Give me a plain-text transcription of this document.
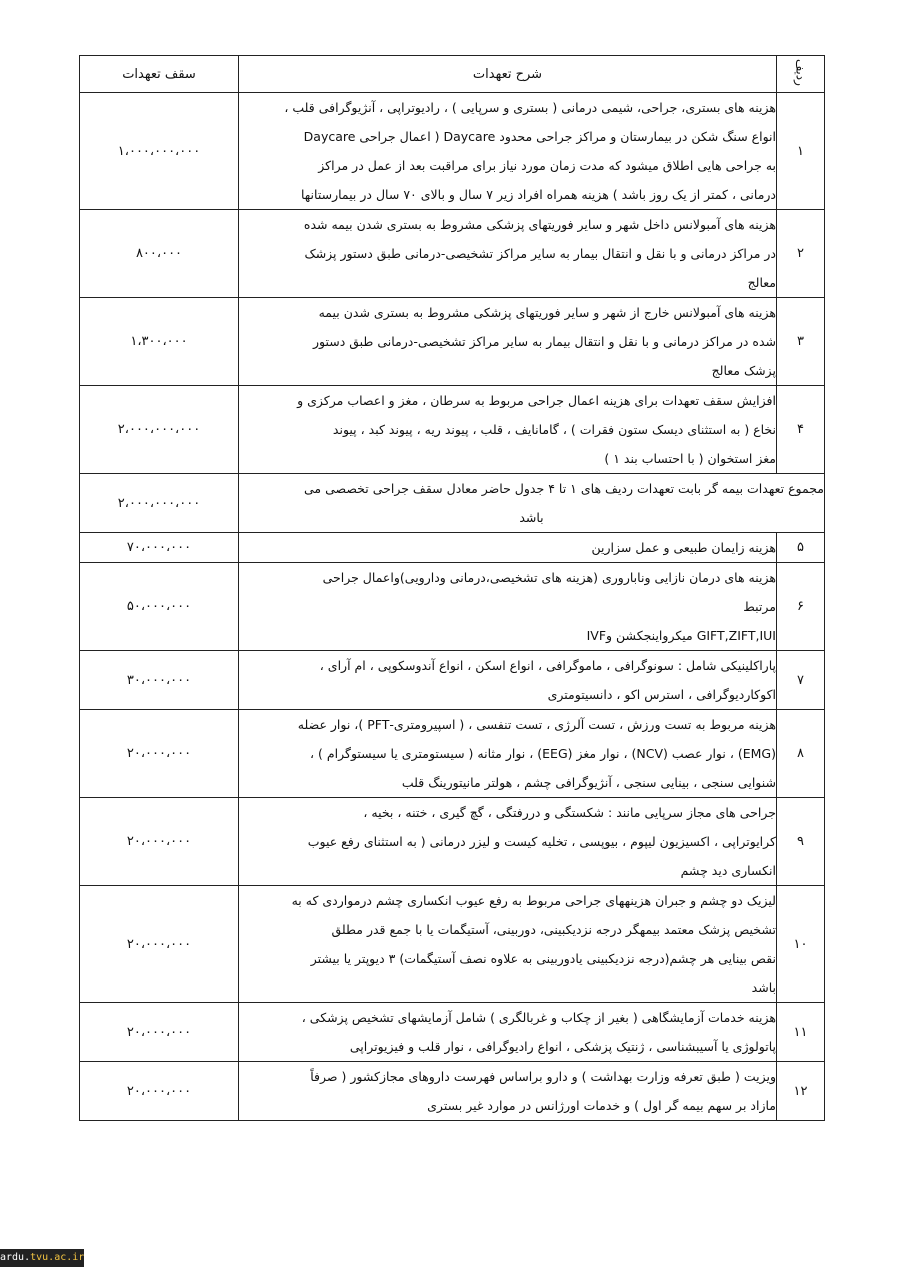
ردیف	شرح تعهدات	سقف تعهدات
۱	هزینه های بستری، جراحی، شیمی درمانی ( بستری و سرپایی ) ، رادیوتراپی ، آنژیوگرافی قلب ،
انواع سنگ شکن در بیمارستان و مراکز جراحی محدود Daycare ( اعمال جراحی Daycare
به جراحی هایی اطلاق میشود که مدت زمان مورد نیاز برای مراقبت بعد از عمل در مراکز
درمانی ، کمتر از یک روز باشد ) هزینه همراه افراد زیر ۷ سال و بالای ۷۰ سال در بیمارستانها	۱،۰۰۰،۰۰۰،۰۰۰
۲	هزینه های آمبولانس داخل شهر و سایر فوریتهای پزشکی مشروط به بستری شدن بیمه شده
در مراکز درمانی و با نقل و انتقال بیمار به سایر مراکز تشخیصی-درمانی طبق دستور پزشک
معالج	۸۰۰،۰۰۰
۳	هزینه های آمبولانس خارج از شهر و سایر فوریتهای پزشکی مشروط به بستری شدن بیمه
شده در مراکز درمانی و با نقل و انتقال بیمار به سایر مراکز تشخیصی-درمانی طبق دستور
پزشک معالج	۱،۳۰۰،۰۰۰
۴	افزایش سقف تعهدات برای هزینه اعمال جراحی مربوط به سرطان ، مغز و اعصاب مرکزی و
نخاع ( به استثنای دیسک ستون فقرات ) ، گامانایف ، قلب ، پیوند ریه ، پیوند کبد ، پیوند
مغز استخوان ( با احتساب بند ۱ )	۲،۰۰۰،۰۰۰،۰۰۰

مجموع تعهدات بیمه گر بابت تعهدات ردیف های ۱ تا ۴ جدول حاضر معادل سقف جراحی تخصصی می
باشد		۲،۰۰۰،۰۰۰،۰۰۰
۵	هزینه زایمان طبیعی و عمل سزارین	۷۰،۰۰۰،۰۰۰
۶	هزینه های درمان نازایی وناباروری (هزینه های تشخیصی،درمانی ودارویی)واعمال جراحی
مرتبط
GIFT,ZIFT,IUI میکرواینجکشن وIVF	۵۰،۰۰۰،۰۰۰
۷	پاراکلینیکی شامل : سونوگرافی ، ماموگرافی ، انواع اسکن ، انواع آندوسکوپی ، ام آرای ،
اکوکاردیوگرافی ، استرس اکو ، دانسیتومتری	۳۰،۰۰۰،۰۰۰
۸	هزینه مربوط به تست ورزش ، تست آلرژی ، تست تنفسی ، ( اسپیرومتری-PFT )، نوار عضله
(EMG) ، نوار عصب (NCV) ، نوار مغز (EEG) ، نوار مثانه ( سیستومتری یا سیستوگرام ) ،
شنوایی سنجی ، بینایی سنجی ، آنژیوگرافی چشم ، هولتر مانیتورینگ قلب	۲۰،۰۰۰،۰۰۰
۹	جراحی های مجاز سرپایی مانند : شکستگی و دررفتگی ، گچ گیری ، ختنه ، بخیه ،
کرایوتراپی ، اکسیزیون لیپوم ، بیوپسی ، تخلیه کیست و لیزر درمانی ( به استثنای رفع عیوب
انکساری دید چشم	۲۰،۰۰۰،۰۰۰
۱۰	لیزیک دو چشم و جبران هزینههای جراحی مربوط به رفع عیوب انکساری چشم درمواردی که به
تشخیص پزشک معتمد بیمهگر درجه نزدیکبینی، دوربینی، آستیگمات یا با جمع قدر مطلق
نقص بینایی هر چشم(درجه نزدیکبینی یادوربینی به علاوه نصف آستیگمات) ۳ دیوپتر یا بیشتر
باشد	۲۰،۰۰۰،۰۰۰
۱۱	هزینه خدمات آزمایشگاهی ( بغیر از چکاب و غربالگری ) شامل آزمایشهای تشخیص پزشکی ،
پاتولوژی یا آسیبشناسی ، ژنتیک پزشکی ، انواع رادیوگرافی ، نوار قلب و فیزیوتراپی	۲۰،۰۰۰،۰۰۰
۱۲	ویزیت ( طبق تعرفه وزارت بهداشت ) و دارو براساس فهرست داروهای مجازکشور ( صرفاً
مازاد بر سهم بیمه گر اول ) و خدمات اورژانس در موارد غیر بستری	۲۰،۰۰۰،۰۰۰
ardu.tvu.ac.ir
